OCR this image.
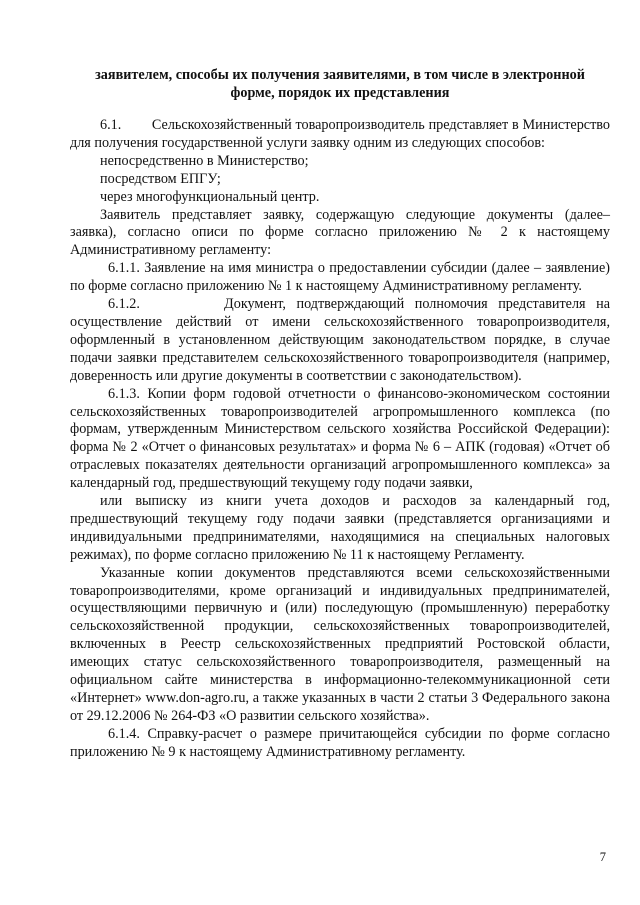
заявителем, способы их получения заявителями, в том числе в электронной
форме, порядок их представления

6.1.        Сельскохозяйственный товаропроизводитель представляет в Министерство для получения государственной услуги заявку одним из следующих способов:

непосредственно в Министерство;

посредством ЕПГУ;

через многофункциональный центр.

Заявитель представляет заявку, содержащую следующие документы (далее– заявка), согласно описи по форме согласно приложению № 2 к настоящему Административному регламенту:

6.1.1. Заявление на имя министра о предоставлении субсидии (далее – заявление) по форме согласно приложению № 1 к настоящему Административному регламенту.

6.1.2.        Документ, подтверждающий полномочия представителя на осуществление действий от имени сельскохозяйственного товаропроизводителя, оформленный в установленном действующим законодательством порядке, в случае подачи заявки представителем сельскохозяйственного товаропроизводителя (например, доверенность или другие документы в соответствии с законодательством).

6.1.3. Копии форм годовой отчетности о финансово-экономическом состоянии сельскохозяйственных товаропроизводителей агропромышленного комплекса (по формам, утвержденным Министерством сельского хозяйства Российской Федерации): форма № 2 «Отчет о финансовых результатах» и форма № 6 – АПК (годовая) «Отчет об отраслевых показателях деятельности организаций агропромышленного комплекса» за календарный год, предшествующий текущему году подачи заявки,

или выписку из книги учета доходов и расходов за календарный год, предшествующий текущему году подачи заявки (представляется организациями и индивидуальными предпринимателями, находящимися на специальных налоговых режимах), по форме согласно приложению № 11 к настоящему Регламенту.

Указанные копии документов представляются всеми сельскохозяйственными товаропроизводителями, кроме организаций и индивидуальных предпринимателей, осуществляющими первичную и (или) последующую (промышленную) переработку сельскохозяйственной продукции, сельскохозяйственных товаропроизводителей, включенных в Реестр сельскохозяйственных предприятий Ростовской области, имеющих статус сельскохозяйственного товаропроизводителя, размещенный на официальном сайте министерства в информационно-телекоммуникационной сети «Интернет» www.don-agro.ru, а также указанных в части 2 статьи 3 Федерального закона от 29.12.2006 № 264-ФЗ «О развитии сельского хозяйства».

6.1.4. Справку-расчет о размере причитающейся субсидии по форме согласно приложению № 9 к настоящему Административному регламенту.

7
